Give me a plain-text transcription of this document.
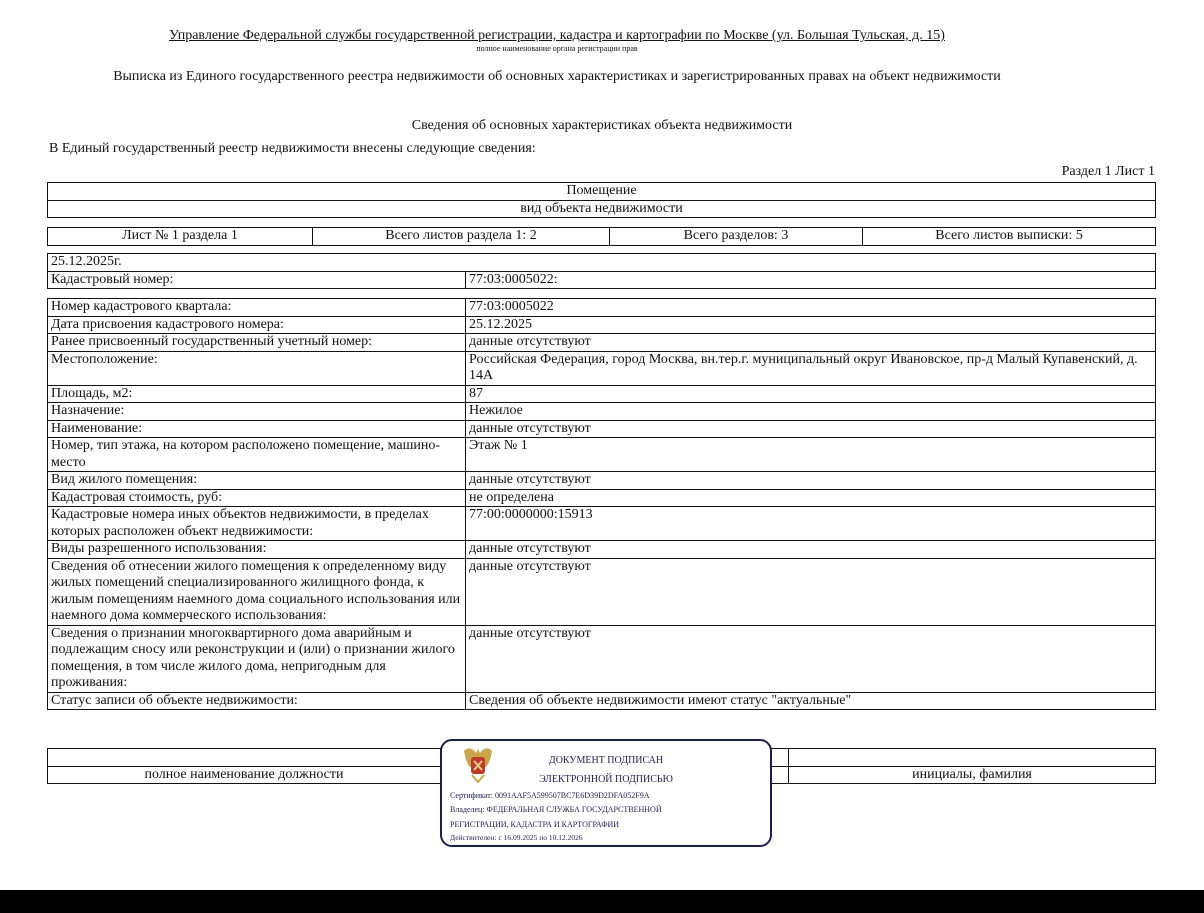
Управление Федеральной службы государственной регистрации, кадастра и картографии по Москве (ул. Большая Тульская, д. 15)
полное наименование органа регистрации прав
Выписка из Единого государственного реестра недвижимости об основных характеристиках и зарегистрированных правах на объект недвижимости
Сведения об основных характеристиках объекта недвижимости
В Единый государственный реестр недвижимости внесены следующие сведения:
Раздел 1 Лист 1
Помещение
вид объекта недвижимости
Лист № 1 раздела 1	Всего листов раздела 1: 2	Всего разделов: 3	Всего листов выписки: 5
25.12.2025г.
Кадастровый номер:	77:03:0005022:
Номер кадастрового квартала:	77:03:0005022
Дата присвоения кадастрового номера:	25.12.2025
Ранее присвоенный государственный учетный номер:	данные отсутствуют
Местоположение:	Российская Федерация, город Москва, вн.тер.г. муниципальный округ Ивановское, пр-д Малый Купавенский, д. 14А
Площадь, м2:	87
Назначение:	Нежилое
Наименование:	данные отсутствуют
Номер, тип этажа, на котором расположено помещение, машино-место	Этаж № 1
Вид жилого помещения:	данные отсутствуют
Кадастровая стоимость, руб:	не определена
Кадастровые номера иных объектов недвижимости, в пределах которых расположен объект недвижимости:	77:00:0000000:15913
Виды разрешенного использования:	данные отсутствуют
Сведения об отнесении жилого помещения к определенному виду жилых помещений специализированного жилищного фонда, к жилым помещениям наемного дома социального использования или наемного дома коммерческого использования:	данные отсутствуют
Сведения о признании многоквартирного дома аварийным и подлежащим сносу или реконструкции и (или) о признании жилого помещения, в том числе жилого дома, непригодным для проживания:	данные отсутствуют
Статус записи об объекте недвижимости:	Сведения об объекте недвижимости имеют статус "актуальные"

полное наименование должности		инициалы, фамилия
ДОКУМЕНТ ПОДПИСАН
ЭЛЕКТРОННОЙ ПОДПИСЬЮ
Сертификат: 0091AAF5A599507BC7E6D39D2DFA052F9A
Владелец: ФЕДЕРАЛЬНАЯ СЛУЖБА ГОСУДАРСТВЕННОЙ
РЕГИСТРАЦИИ, КАДАСТРА И КАРТОГРАФИИ
Действителен: с 16.09.2025 по 10.12.2026
